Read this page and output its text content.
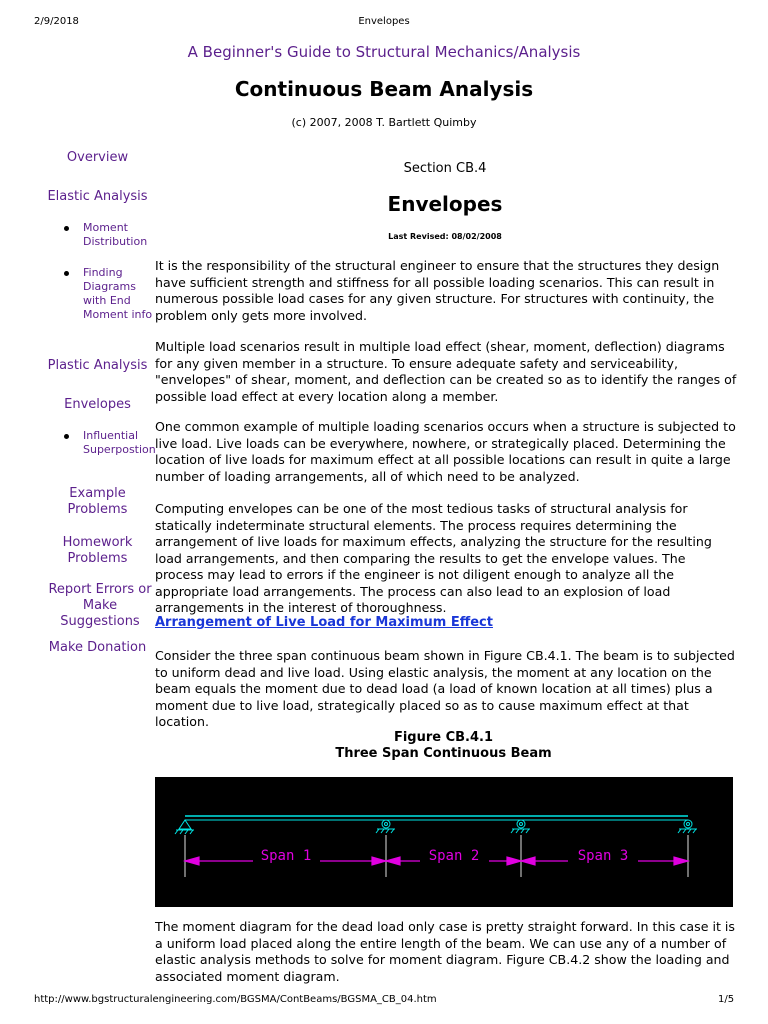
2/9/2018	Envelopes
A Beginner's Guide to Structural Mechanics/Analysis
Continuous Beam Analysis
(c) 2007, 2008 T. Bartlett Quimby
Overview
Elastic Analysis
Moment Distribution
Finding Diagrams with End Moment info
Plastic Analysis
Envelopes
Influential Superpostion
Example Problems
Homework Problems
Report Errors or Make Suggestions
Make Donation
Section CB.4
Envelopes
Last Revised: 08/02/2008
It is the responsibility of the structural engineer to ensure that the structures they design have sufficient strength and stiffness for all possible loading scenarios. This can result in numerous possible load cases for any given structure. For structures with continuity, the problem only gets more involved.
Multiple load scenarios result in multiple load effect (shear, moment, deflection) diagrams for any given member in a structure. To ensure adequate safety and serviceability, "envelopes" of shear, moment, and deflection can be created so as to identify the ranges of possible load effect at every location along a member.
One common example of multiple loading scenarios occurs when a structure is subjected to live load. Live loads can be everywhere, nowhere, or strategically placed. Determining the location of live loads for maximum effect at all possible locations can result in quite a large number of loading arrangements, all of which need to be analyzed.
Computing envelopes can be one of the most tedious tasks of structural analysis for statically indeterminate structural elements. The process requires determining the arrangement of live loads for maximum effects, analyzing the structure for the resulting load arrangements, and then comparing the results to get the envelope values. The process may lead to errors if the engineer is not diligent enough to analyze all the appropriate load arrangements. The process can also lead to an explosion of load arrangements in the interest of thoroughness.
Arrangement of Live Load for Maximum Effect
Consider the three span continuous beam shown in Figure CB.4.1. The beam is to subjected to uniform dead and live load. Using elastic analysis, the moment at any location on the beam equals the moment due to dead load (a load of known location at all times) plus a moment due to live load, strategically placed so as to cause maximum effect at that location.
Figure CB.4.1
Three Span Continuous Beam
Span 1	Span 2	Span 3
The moment diagram for the dead load only case is pretty straight forward. In this case it is a uniform load placed along the entire length of the beam. We can use any of a number of elastic analysis methods to solve for moment diagram. Figure CB.4.2 show the loading and associated moment diagram.
http://www.bgstructuralengineering.com/BGSMA/ContBeams/BGSMA_CB_04.htm	1/5
